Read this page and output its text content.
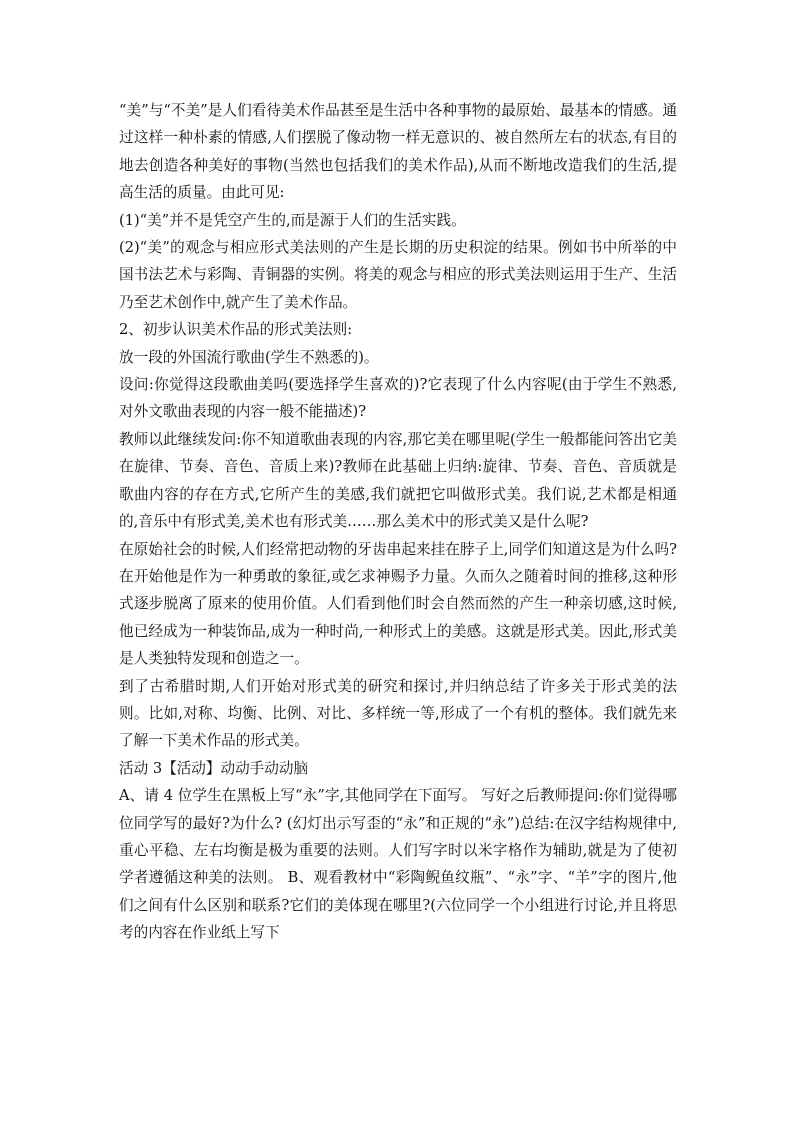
“美”与“不美”是人们看待美术作品甚至是生活中各种事物的最原始、最基本的情感。通过这样一种朴素的情感,人们摆脱了像动物一样无意识的、被自然所左右的状态,有目的地去创造各种美好的事物(当然也包括我们的美术作品),从而不断地改造我们的生活,提高生活的质量。由此可见:

(1)“美”并不是凭空产生的,而是源于人们的生活实践。

(2)“美”的观念与相应形式美法则的产生是长期的历史积淀的结果。例如书中所举的中国书法艺术与彩陶、青铜器的实例。将美的观念与相应的形式美法则运用于生产、生活乃至艺术创作中,就产生了美术作品。

2、初步认识美术作品的形式美法则:

放一段的外国流行歌曲(学生不熟悉的)。

设问:你觉得这段歌曲美吗(要选择学生喜欢的)?它表现了什么内容呢(由于学生不熟悉,对外文歌曲表现的内容一般不能描述)?

教师以此继续发问:你不知道歌曲表现的内容,那它美在哪里呢(学生一般都能问答出它美在旋律、节奏、音色、音质上来)?教师在此基础上归纳:旋律、节奏、音色、音质就是歌曲内容的存在方式,它所产生的美感,我们就把它叫做形式美。我们说,艺术都是相通的,音乐中有形式美,美术也有形式美……那么美术中的形式美又是什么呢?

在原始社会的时候,人们经常把动物的牙齿串起来挂在脖子上,同学们知道这是为什么吗?在开始他是作为一种勇敢的象征,或乞求神赐予力量。久而久之随着时间的推移,这种形式逐步脱离了原来的使用价值。人们看到他们时会自然而然的产生一种亲切感,这时候,他已经成为一种装饰品,成为一种时尚,一种形式上的美感。这就是形式美。因此,形式美是人类独特发现和创造之一。

到了古希腊时期,人们开始对形式美的研究和探讨,并归纳总结了许多关于形式美的法则。比如,对称、均衡、比例、对比、多样统一等,形成了一个有机的整体。我们就先来了解一下美术作品的形式美。

活动 3【活动】动动手动动脑

A、请 4 位学生在黑板上写“永”字,其他同学在下面写。 写好之后教师提问:你们觉得哪位同学写的最好?为什么? (幻灯出示写歪的“永”和正规的“永”)总结:在汉字结构规律中,重心平稳、左右均衡是极为重要的法则。人们写字时以米字格作为辅助,就是为了使初学者遵循这种美的法则。 B、观看教材中“彩陶鲵鱼纹瓶”、“永”字、“羊”字的图片,他们之间有什么区别和联系?它们的美体现在哪里?(六位同学一个小组进行讨论,并且将思考的内容在作业纸上写下
